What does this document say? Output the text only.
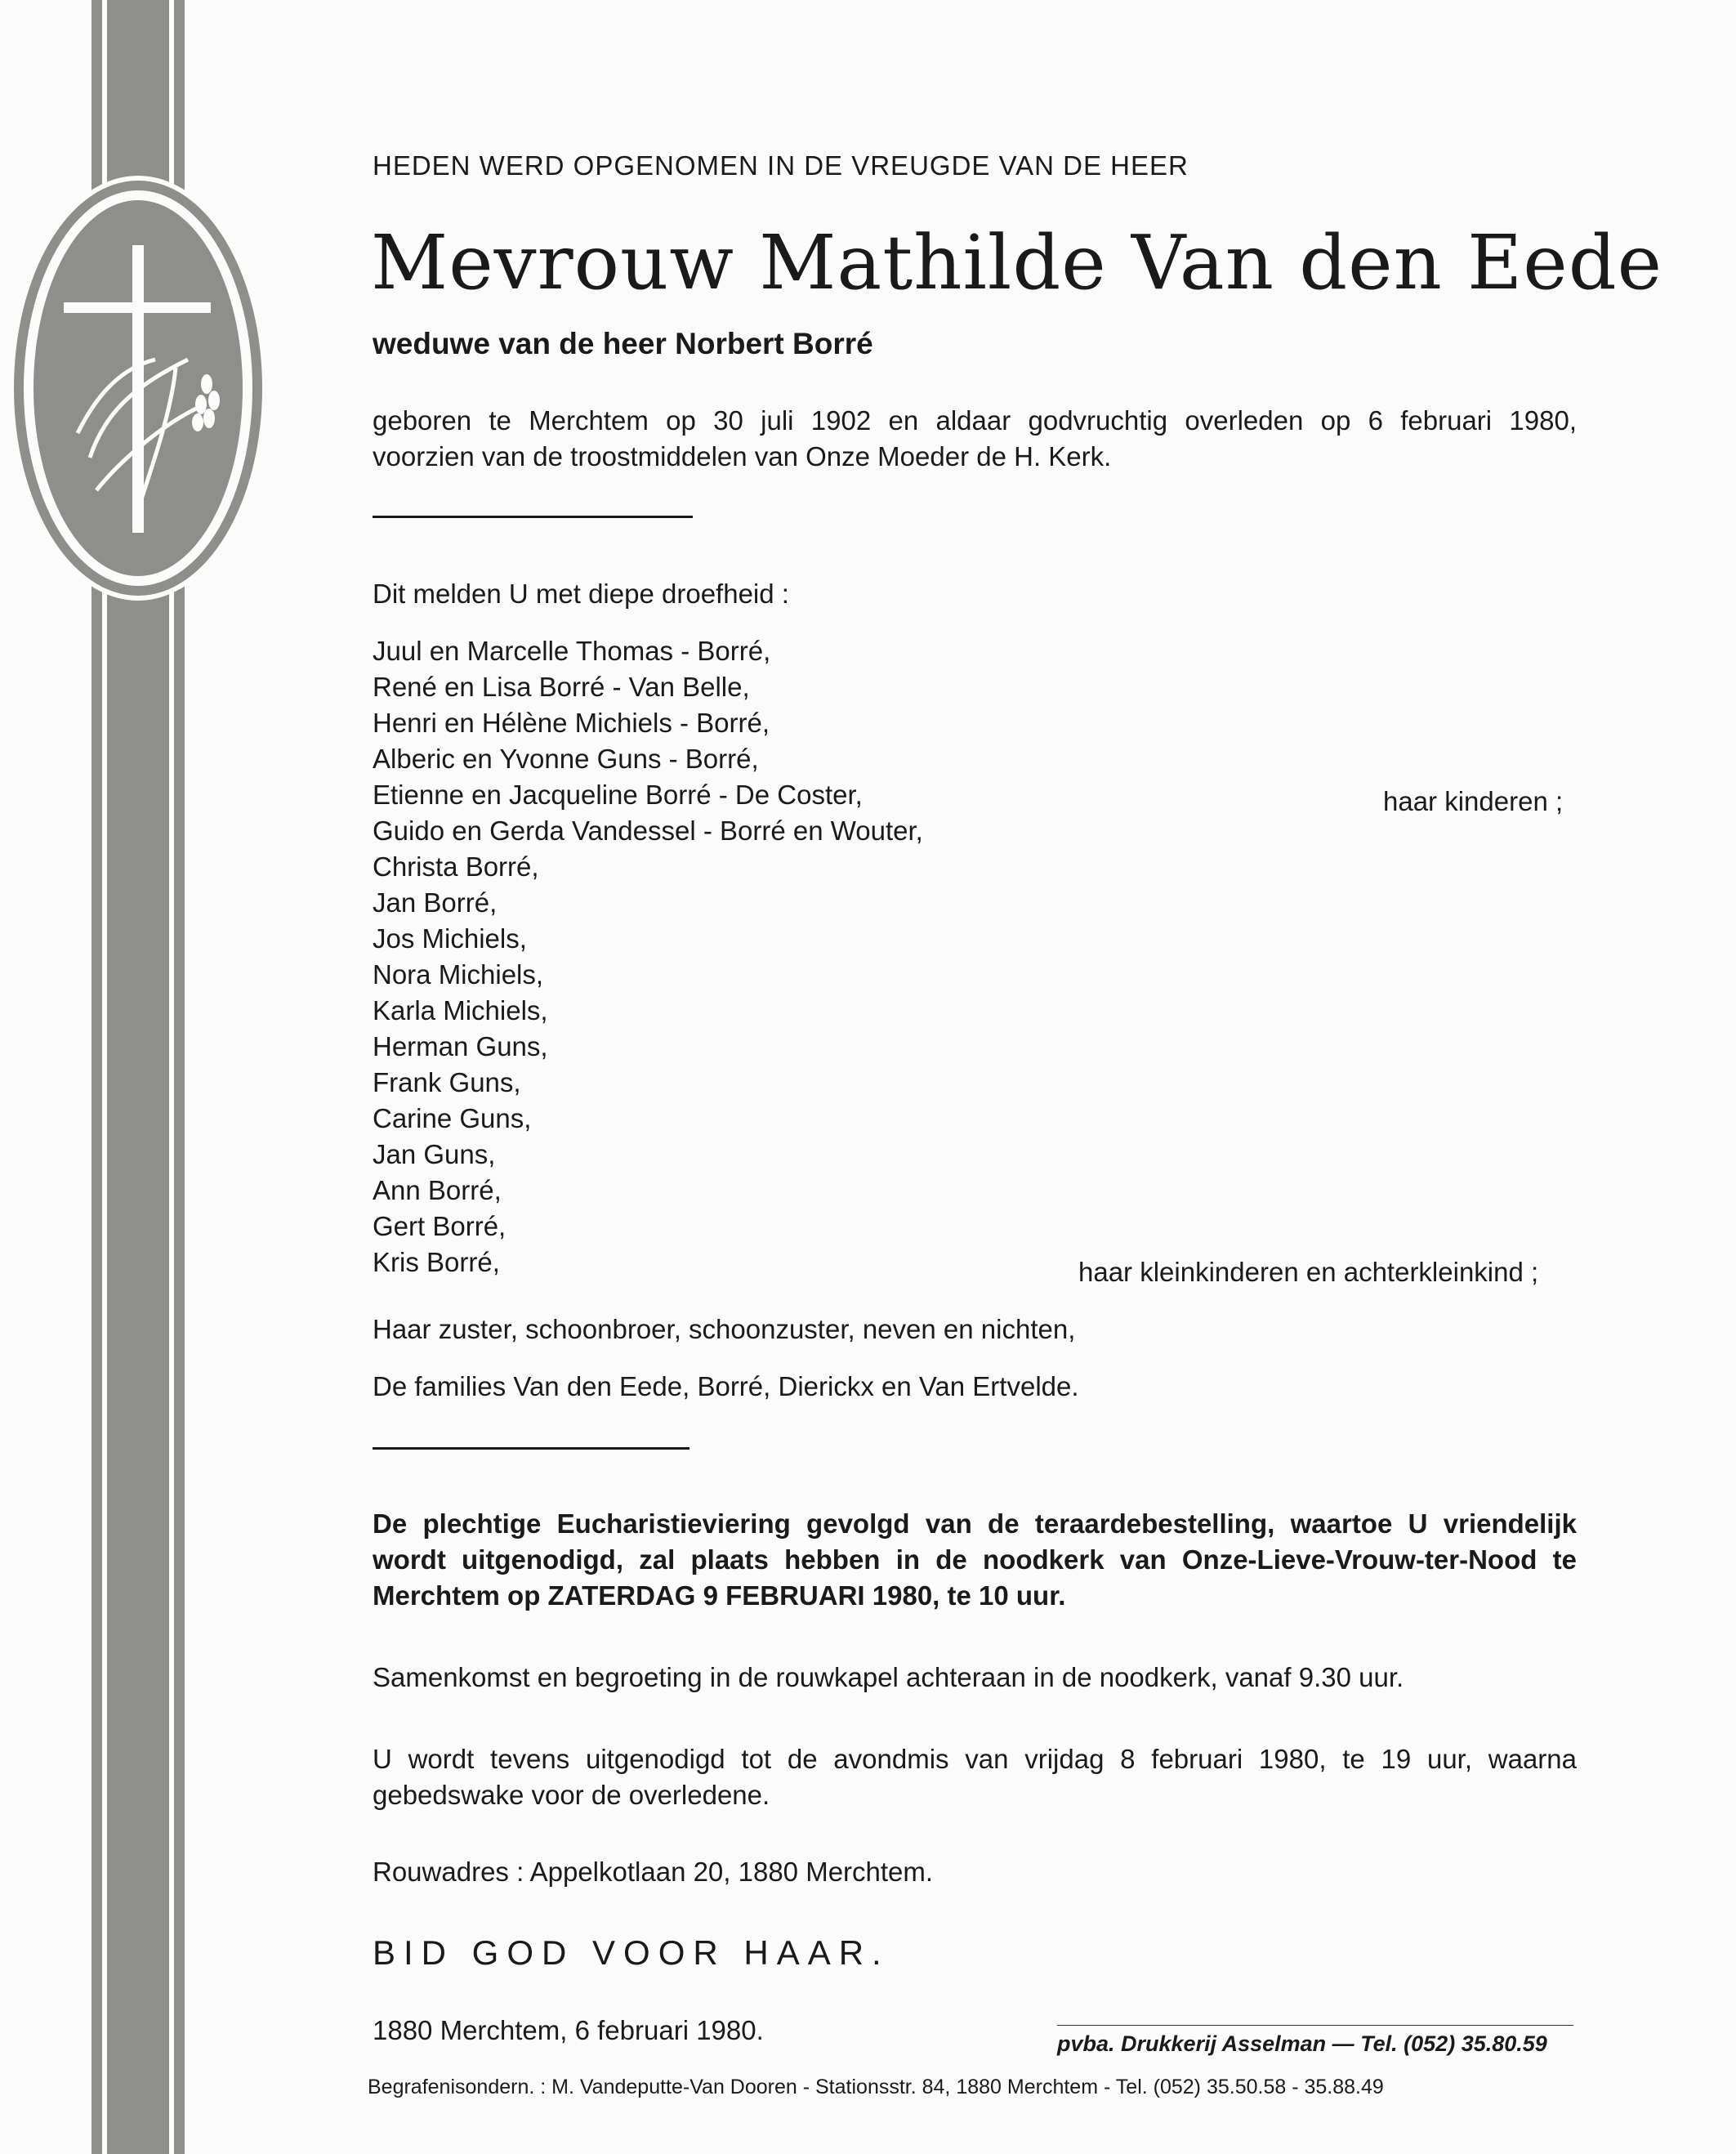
HEDEN WERD OPGENOMEN IN DE VREUGDE VAN DE HEER
Mevrouw Mathilde Van den Eede
weduwe van de heer Norbert Borré
geboren te Merchtem op 30 juli 1902 en aldaar godvruchtig overleden op 6 februari 1980,
voorzien van de troostmiddelen van Onze Moeder de H. Kerk.
Dit melden U met diepe droefheid :
Juul en Marcelle Thomas - Borré,
René en Lisa Borré - Van Belle,
Henri en Hélène Michiels - Borré,
Alberic en Yvonne Guns - Borré,
Etienne en Jacqueline Borré - De Coster,
Guido en Gerda Vandessel - Borré en Wouter,
haar kinderen ;
Christa Borré,
Jan Borré,
Jos Michiels,
Nora Michiels,
Karla Michiels,
Herman Guns,
Frank Guns,
Carine Guns,
Jan Guns,
Ann Borré,
Gert Borré,
Kris Borré,	haar kleinkinderen en achterkleinkind ;
Haar zuster, schoonbroer, schoonzuster, neven en nichten,
De families Van den Eede, Borré, Dierickx en Van Ertvelde.
De plechtige Eucharistieviering gevolgd van de teraardebestelling, waartoe U vriendelijk
wordt uitgenodigd, zal plaats hebben in de noodkerk van Onze-Lieve-Vrouw-ter-Nood te
Merchtem op ZATERDAG 9 FEBRUARI 1980, te 10 uur.
Samenkomst en begroeting in de rouwkapel achteraan in de noodkerk, vanaf 9.30 uur.
U wordt tevens uitgenodigd tot de avondmis van vrijdag 8 februari 1980, te 19 uur, waarna
gebedswake voor de overledene.
Rouwadres : Appelkotlaan 20, 1880 Merchtem.
BID GOD VOOR HAAR.
1880 Merchtem, 6 februari 1980.	pvba. Drukkerij Asselman — Tel. (052) 35.80.59
Begrafenisondern. : M. Vandeputte-Van Dooren - Stationsstr. 84, 1880 Merchtem - Tel. (052) 35.50.58 - 35.88.49
